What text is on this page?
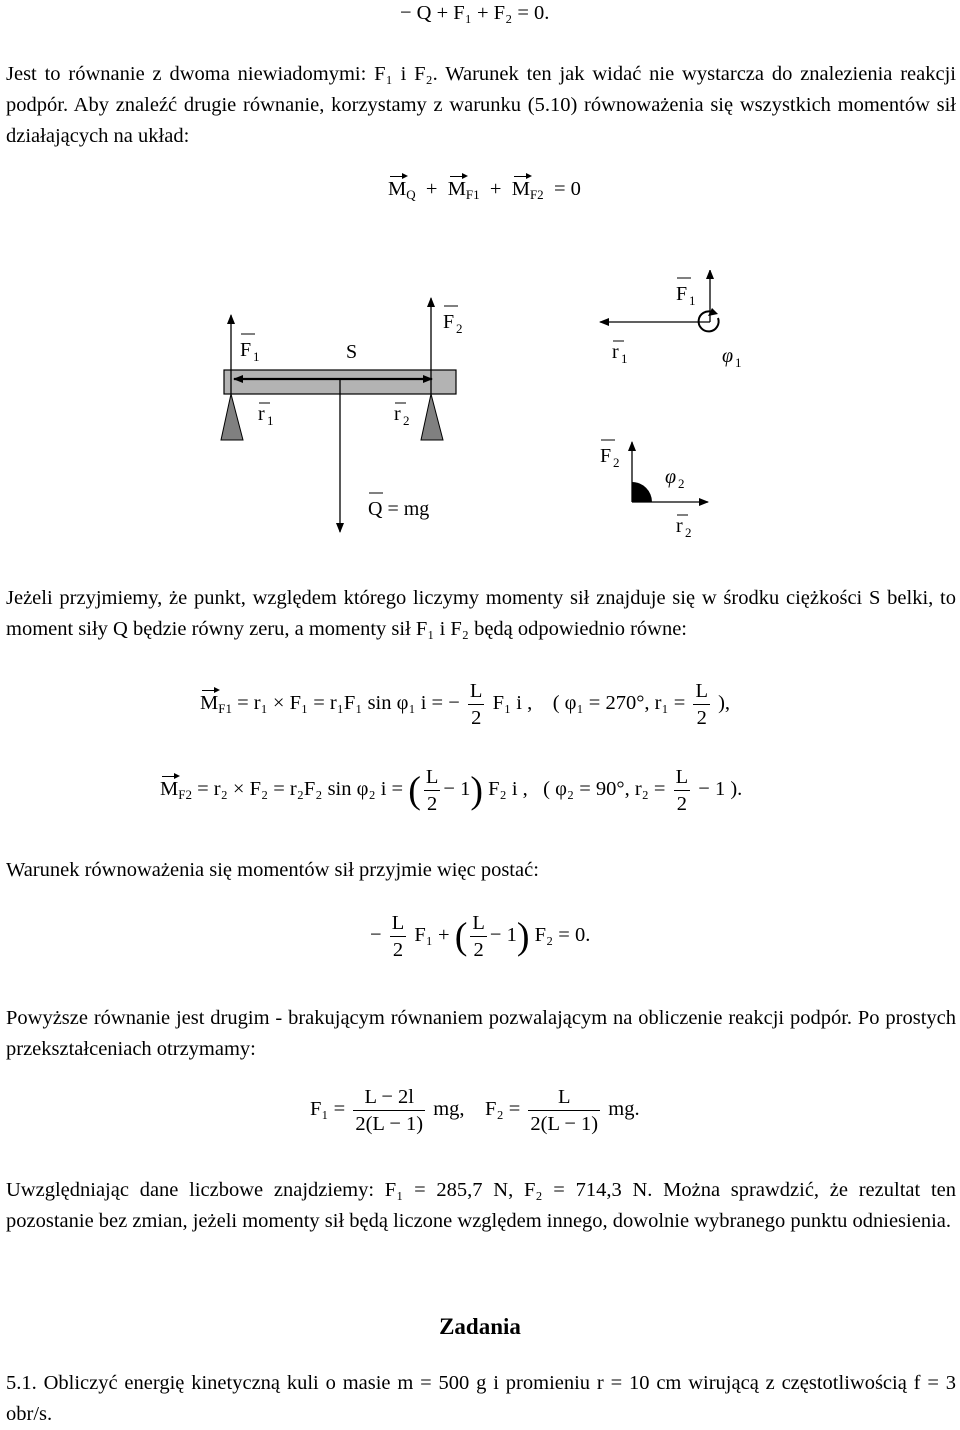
− Q + F₁ + F₂ = 0.
Jest to równanie z dwoma niewiadomymi: F₁ i F₂. Warunek ten jak widać nie wystarcza do znalezienia reakcji podpór. Aby znaleźć drugie równanie, korzystamy z warunku (5.10) równoważenia się wszystkich momentów sił działających na układ:
$M_Q + M_{F1} + M_{F2} = 0$
F 1	S
F 2
r 1	r 2
Q = mg
F 1
r 1	φ 1
F 2
φ 2
r 2
Jeżeli przyjmiemy, że punkt, względem którego liczymy momenty sił znajduje się w środku ciężkości S belki, to moment siły Q będzie równy zeru, a momenty sił F₁ i F₂ będą odpowiednio równe:
$M_{F1} = r_1 \times F_1 = r_1F_1$ sin φ₁ i = − $\frac{L}{2} F_1$ i , ( φ₁ = 270°, $r_1 = \frac{L}{2}$ ),
$M_{F2} = r_2 \times F_2 = r_2F_2$ sin φ₂ i = ( $\frac{L}{2} - 1$) F₂ i , ( φ₂ = 90°, $r_2 = \frac{L}{2} - 1$ ).
Warunek równoważenia się momentów sił przyjmie więc postać:
− $\frac{L}{2} F_1$ + ( $\frac{L}{2} - 1$) F₂ = 0.
Powyższe równanie jest drugim - brakującym równaniem pozwalającym na obliczenie reakcji podpór. Po prostych przekształceniach otrzymamy:
$F_1 = \frac{L - 2l}{2(L - 1)}$ mg, $F_2 = \frac{L}{2(L - 1)}$ mg.
Uwzględniając dane liczbowe znajdziemy: F₁ = 285,7 N, F₂ = 714,3 N. Można sprawdzić, że rezultat ten pozostanie bez zmian, jeżeli momenty sił będą liczone względem innego, dowolnie wybranego punktu odniesienia.
Zadania
5.1. Obliczyć energię kinetyczną kuli o masie m = 500 g i promieniu r = 10 cm wirującą z częstotliwością f = 3 obr/s.
